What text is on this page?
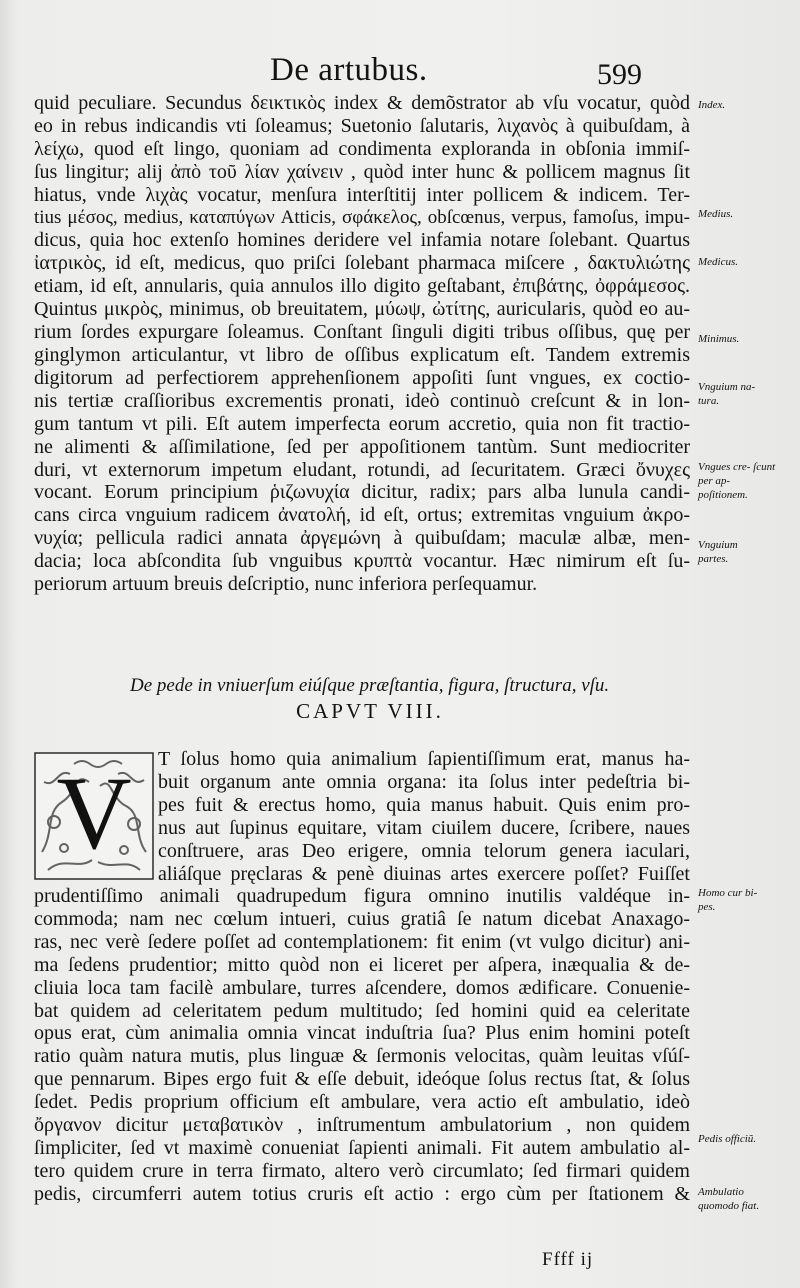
De artubus.	599
quid peculiare. Secundus δεικτικὸς index & demõstrator ab vſu vocatur, quòd
eo in rebus indicandis vti ſoleamus; Suetonio ſalutaris, λιχανὸς à quibuſdam, à
λείχω, quod eſt lingo, quoniam ad condimenta exploranda in obſonia immiſ-
ſus lingitur; alij ἀπὸ τοῦ λίαν χαίνειν , quòd inter hunc & pollicem magnus ſit
hiatus, vnde λιχὰς vocatur, menſura interſtitij inter pollicem & indicem. Ter-
tius μέσος, medius, καταπύγων Atticis, σφάκελος, obſcœnus, verpus, famoſus, impu-
dicus, quia hoc extenſo homines deridere vel infamia notare ſolebant. Quartus
ἰατρικὸς, id eſt, medicus, quo priſci ſolebant pharmaca miſcere , δακτυλιώτης
etiam, id eſt, annularis, quia annulos illo digito geſtabant, ἐπιβάτης, ὀφράμεσος.
Quintus μικρὸς, minimus, ob breuitatem, μύωψ, ὠτίτης, auricularis, quòd eo au-
rium ſordes expurgare ſoleamus. Conſtant ſinguli digiti tribus oſſibus, quę per
ginglymon articulantur, vt libro de oſſibus explicatum eſt. Tandem extremis
digitorum ad perfectiorem apprehenſionem appoſiti ſunt vngues, ex coctio-
nis tertiæ craſſioribus excrementis pronati, ideò continuò creſcunt & in lon-
gum tantum vt pili. Eſt autem imperfecta eorum accretio, quia non fit tractio-
ne alimenti & aſſimilatione, ſed per appoſitionem tantùm. Sunt mediocriter
duri, vt externorum impetum eludant, rotundi, ad ſecuritatem. Græci ὄνυχες
vocant. Eorum principium ῥιζωνυχία dicitur, radix; pars alba lunula candi-
cans circa vnguium radicem ἀνατολή, id eſt, ortus; extremitas vnguium ἀκρο-
νυχία; pellicula radici annata ἀργεμώνη à quibuſdam; maculæ albæ, men-
dacia; loca abſcondita ſub vnguibus κρυπτὰ vocantur. Hæc nimirum eſt ſu-
periorum artuum breuis deſcriptio, nunc inferiora perſequamur.
De pede in vniuerſum eiúſque præſtantia, figura, ſtructura, vſu.
CAPVT VIII.
V T ſolus homo quia animalium ſapientiſſimum erat, manus ha-
buit organum ante omnia organa: ita ſolus inter pedeſtria bi-
pes fuit & erectus homo, quia manus habuit. Quis enim pro-
nus aut ſupinus equitare, vitam ciuilem ducere, ſcribere, naues
conſtruere, aras Deo erigere, omnia telorum genera iaculari,
aliáſque pręclaras & penè diuinas artes exercere poſſet? Fuiſſet
prudentiſſimo animali quadrupedum figura omnino inutilis valdéque in-
commoda; nam nec cœlum intueri, cuius gratiâ ſe natum dicebat Anaxago-
ras, nec verè ſedere poſſet ad contemplationem: fit enim (vt vulgo dicitur) ani-
ma ſedens prudentior; mitto quòd non ei liceret per aſpera, inæqualia & de-
cliuia loca tam facilè ambulare, turres aſcendere, domos ædificare. Conuenie-
bat quidem ad celeritatem pedum multitudo; ſed homini quid ea celeritate
opus erat, cùm animalia omnia vincat induſtria ſua? Plus enim homini poteſt
ratio quàm natura mutis, plus linguæ & ſermonis velocitas, quàm leuitas vſúſ-
que pennarum. Bipes ergo fuit & eſſe debuit, ideóque ſolus rectus ſtat, & ſolus
ſedet. Pedis proprium officium eſt ambulare, vera actio eſt ambulatio, ideò
ὄργανον dicitur μεταβατικὸν , inſtrumentum ambulatorium , non quidem
ſimpliciter, ſed vt maximè conueniat ſapienti animali. Fit autem ambulatio al-
tero quidem crure in terra firmato, altero verò circumlato; ſed firmari quidem
pedis, circumferri autem totius cruris eſt actio : ergo cùm per ſtationem &
Index.
Medius.
Medicus.
Minimus.
Vnguium na- tura.
Vngues cre- ſcunt per ap- poſitionem.
Vnguium partes.
Homo cur bi- pes.
Pedis officiũ.
Ambulatio quomodo fiat.
Ffff ij
